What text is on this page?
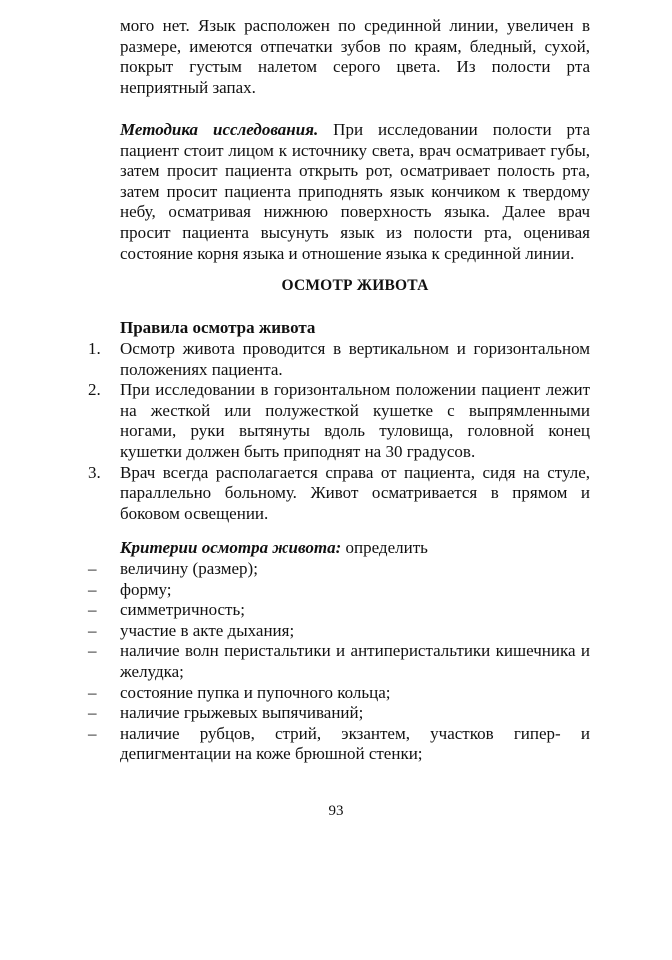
мого нет. Язык расположен по срединной линии, увеличен в размере, имеются отпечатки зубов по краям, бледный, сухой, покрыт густым налетом серого цвета. Из полости рта неприятный запах.

Методика исследования. При исследовании полости рта пациент стоит лицом к источнику света, врач осматривает губы, затем просит пациента открыть рот, осматривает полость рта, затем просит пациента приподнять язык кончиком к твердому небу, осматривая нижнюю поверхность языка. Далее врач просит пациента высунуть язык из полости рта, оценивая состояние корня языка и отношение языка к срединной линии.

ОСМОТР ЖИВОТА
Правила осмотра живота
1. Осмотр живота проводится в вертикальном и горизонтальном положениях пациента.
2. При исследовании в горизонтальном положении пациент лежит на жесткой или полужесткой кушетке с выпрямленными ногами, руки вытянуты вдоль туловища, головной конец кушетки должен быть приподнят на 30 градусов.
3. Врач всегда располагается справа от пациента, сидя на стуле, параллельно больному. Живот осматривается в прямом и боковом освещении.
Критерии осмотра живота: определить
– величину (размер);
– форму;
– симметричность;
– участие в акте дыхания;
– наличие волн перистальтики и антиперистальтики кишечника и желудка;
– состояние пупка и пупочного кольца;
– наличие грыжевых выпячиваний;
– наличие рубцов, стрий, экзантем, участков гипер- и депигментации на коже брюшной стенки;
93
